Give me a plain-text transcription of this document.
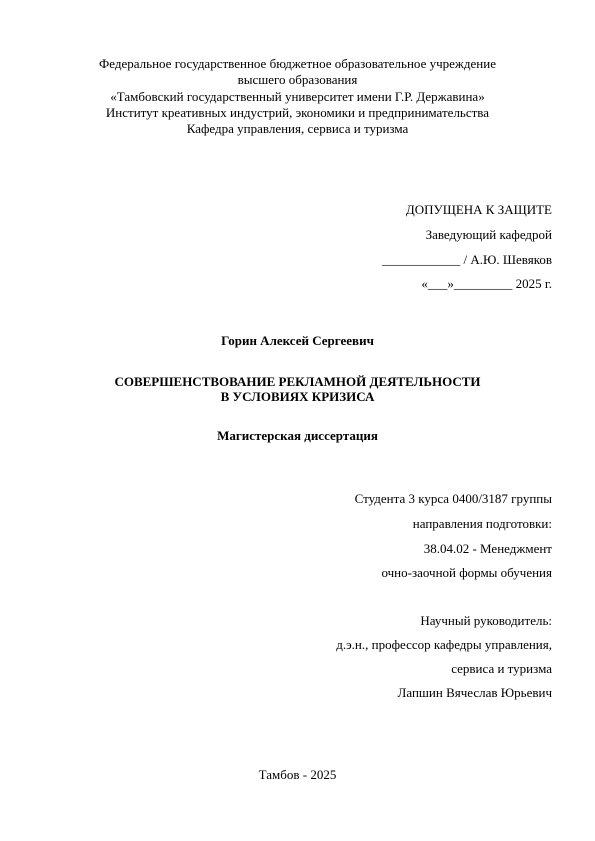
Федеральное государственное бюджетное образовательное учреждение
высшего образования
«Тамбовский государственный университет имени Г.Р. Державина»
Институт креативных индустрий, экономики и предпринимательства
Кафедра управления, сервиса и туризма
ДОПУЩЕНА К ЗАЩИТЕ
Заведующий кафедрой
____________ / А.Ю. Шевяков
«___»_________ 2025 г.
Горин Алексей Сергеевич
СОВЕРШЕНСТВОВАНИЕ РЕКЛАМНОЙ ДЕЯТЕЛЬНОСТИ
В УСЛОВИЯХ КРИЗИСА
Магистерская диссертация
Студента 3 курса 0400/3187 группы
направления подготовки:
38.04.02 - Менеджмент
очно-заочной формы обучения
Научный руководитель:
д.э.н., профессор кафедры управления,
сервиса и туризма
Лапшин Вячеслав Юрьевич
Тамбов - 2025
